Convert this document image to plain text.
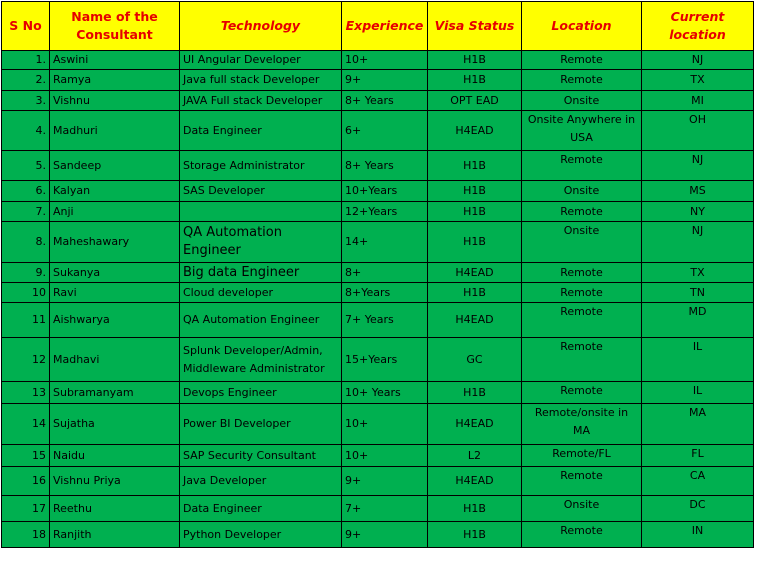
S No	Name of the Consultant	Technology	Experience	Visa Status	Location	Current location
1.	Aswini	UI Angular Developer	10+	H1B	Remote	NJ
2.	Ramya	Java full stack Developer	9+	H1B	Remote	TX
3.	Vishnu	JAVA Full stack Developer	8+ Years	OPT EAD	Onsite	MI
4.	Madhuri	Data Engineer	6+	H4EAD	Onsite Anywhere in USA	OH
5.	Sandeep	Storage Administrator	8+ Years	H1B	Remote	NJ
6.	Kalyan	SAS Developer	10+Years	H1B	Onsite	MS
7.	Anji		12+Years	H1B	Remote	NY
8.	Maheshawary	QA Automation Engineer	14+	H1B	Onsite	NJ
9.	Sukanya	Big data Engineer	8+	H4EAD	Remote	TX
10	Ravi	Cloud developer	8+Years	H1B	Remote	TN
11	Aishwarya	QA Automation Engineer	7+ Years	H4EAD	Remote	MD
12	Madhavi	Splunk Developer/Admin, Middleware Administrator	15+Years	GC	Remote	IL
13	Subramanyam	Devops Engineer	10+ Years	H1B	Remote	IL
14	Sujatha	Power BI Developer	10+	H4EAD	Remote/onsite in MA	MA
15	Naidu	SAP Security Consultant	10+	L2	Remote/FL	FL
16	Vishnu Priya	Java Developer	9+	H4EAD	Remote	CA
17	Reethu	Data Engineer	7+	H1B	Onsite	DC
18	Ranjith	Python Developer	9+	H1B	Remote	IN
